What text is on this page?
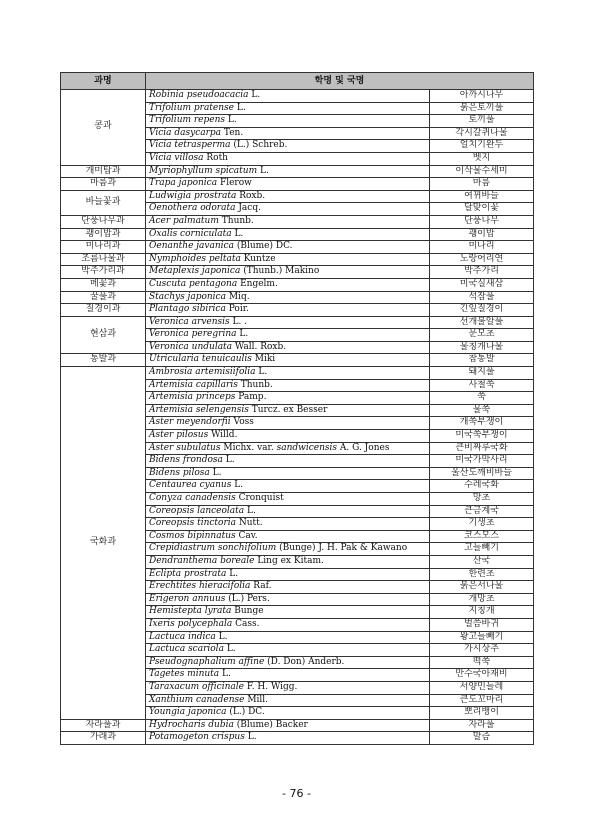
과명	학명 및 국명	
콩과	Robinia pseudoacacia L.	아까시나무
	Trifolium pratense L.	붉은토끼풀
	Trifolium repens L.	토끼풀
	Vicia dasycarpa Ten.	각시갈퀴나물
	Vicia tetrasperma (L.) Schreb.	얼치기완두
	Vicia villosa Roth	벳지
개미탑과	Myriophyllum spicatum L.	이삭물수세미
마름과	Trapa japonica Flerow	마름
바늘꽃과	Ludwigia prostrata Roxb.	여뀌바늘
	Oenothera odorata Jacq.	달맞이꽃
단풍나무과	Acer palmatum Thunb.	단풍나무
괭이밥과	Oxalis corniculata L.	괭이밥
미나리과	Oenanthe javanica (Blume) DC.	미나리
조름나물과	Nymphoides peltata Kuntze	노랑어리연
박주가리과	Metaplexis japonica (Thunb.) Makino	박주가리
메꽃과	Cuscuta pentagona Engelm.	미국실새삼
꿀풀과	Stachys japonica Miq.	석잠풀
질경이과	Plantago sibirica Poir.	긴잎질경이
현삼과	Veronica arvensis L. .	선개불알풀
	Veronica peregrina L.	문모초
	Veronica undulata Wall. Roxb.	물칭개나물
통발과	Utricularia tenuicaulis Miki	참통발
국화과	Ambrosia artemisiifolia L.	돼지풀
	Artemisia capillaris Thunb.	사철쑥
	Artemisia princeps Pamp.	쑥
	Artemisia selengensis Turcz. ex Besser	물쑥
	Aster meyendorfii Voss	개쑥부쟁이
	Aster pilosus Willd.	미국쑥부쟁이
	Aster subulatus Michx. var. sandwicensis A. G. Jones	큰비짜루국화
	Bidens frondosa L.	미국가막사리
	Bidens pilosa L.	울산도깨비바늘
	Centaurea cyanus L.	수레국화
	Conyza canadensis Cronquist	망초
	Coreopsis lanceolata L.	큰금계국
	Coreopsis tinctoria Nutt.	기생초
	Cosmos bipinnatus Cav.	코스모스
	Crepidiastrum sonchifolium (Bunge) J. H. Pak & Kawano	고들빼기
	Dendranthema boreale Ling ex Kitam.	산국
	Eclipta prostrata L.	한련초
	Erechtites hieracifolia Raf.	붉은서나물
	Erigeron annuus (L.) Pers.	개망초
	Hemistepta lyrata Bunge	지칭개
	Ixeris polycephala Cass.	벌씀바귀
	Lactuca indica L.	왕고들빼기
	Lactuca scariola L.	가시상추
	Pseudognaphalium affine (D. Don) Anderb.	떡쑥
	Tagetes minuta L.	만수국아재비
	Taraxacum officinale F. H. Wigg.	서양민들레
	Xanthium canadense Mill.	큰도꼬마리
	Youngia japonica (L.) DC.	뽀리뱅이
자라풀과	Hydrocharis dubia (Blume) Backer	자라풀
가래과	Potamogeton crispus L.	말즘
- 76 -
